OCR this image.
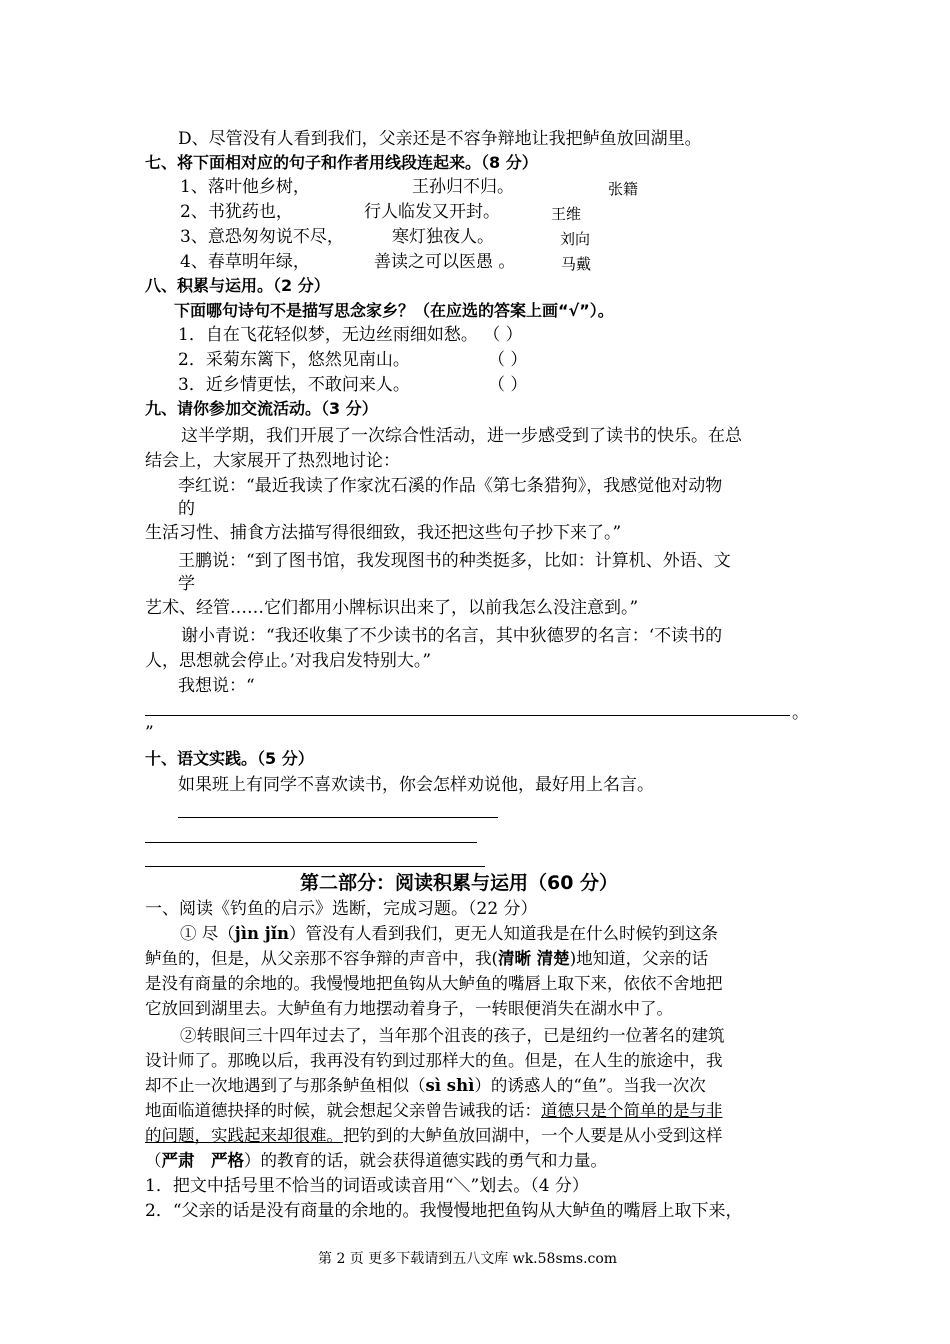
D、尽管没有人看到我们，父亲还是不容争辩地让我把鲈鱼放回湖里。
七、将下面相对应的句子和作者用线段连起来。（8 分）
1、落叶他乡树，	王孙归不归。	张籍
2、书犹药也，	行人临发又开封。	王维
3、意恐匆匆说不尽，	寒灯独夜人。	刘向
4、春草明年绿，	善读之可以医愚 。	马戴
八、积累与运用。（2 分）
下面哪句诗句不是描写思念家乡？（在应选的答案上画“√”）。
1．自在飞花轻似梦，无边丝雨细如愁。 （ ）
2．采菊东篱下，悠然见南山。	（ ）
3．近乡情更怯，不敢问来人。	（ ）
九、请你参加交流活动。（3 分）
这半学期，我们开展了一次综合性活动，进一步感受到了读书的快乐。在总
结会上，大家展开了热烈地讨论：
李红说：“最近我读了作家沈石溪的作品《第七条猎狗》，我感觉他对动物
的
生活习性、捕食方法描写得很细致，我还把这些句子抄下来了。”
王鹏说：“到了图书馆，我发现图书的种类挺多，比如：计算机、外语、文
学
艺术、经管……它们都用小牌标识出来了，以前我怎么没注意到。”
谢小青说：“我还收集了不少读书的名言，其中狄德罗的名言：‘不读书的
人，思想就会停止。’对我启发特别大。”
我想说：“
。
”
十、语文实践。（5 分）
如果班上有同学不喜欢读书，你会怎样劝说他，最好用上名言。
第二部分：阅读积累与运用（60 分）
一、阅读《钓鱼的启示》选断，完成习题。（22 分）
① 尽（jìn jǐn）管没有人看到我们，更无人知道我是在什么时候钓到这条
鲈鱼的，但是，从父亲那不容争辩的声音中，我(清晰 清楚)地知道，父亲的话
是没有商量的余地的。我慢慢地把鱼钩从大鲈鱼的嘴唇上取下来，依依不舍地把
它放回到湖里去。大鲈鱼有力地摆动着身子，一转眼便消失在湖水中了。
②转眼间三十四年过去了，当年那个沮丧的孩子，已是纽约一位著名的建筑
设计师了。那晚以后，我再没有钓到过那样大的鱼。但是，在人生的旅途中，我
却不止一次地遇到了与那条鲈鱼相似（sì shì）的诱惑人的“鱼”。当我一次次
地面临道德抉择的时候，就会想起父亲曾告诫我的话：道德只是个简单的是与非
的问题，实践起来却很难。把钓到的大鲈鱼放回湖中，一个人要是从小受到这样
（严肃　严格）的教育的话，就会获得道德实践的勇气和力量。
1．把文中括号里不恰当的词语或读音用“＼”划去。（4 分）
2．“父亲的话是没有商量的余地的。我慢慢地把鱼钩从大鲈鱼的嘴唇上取下来，
第 2 页 更多下载请到五八文库 wk.58sms.com
